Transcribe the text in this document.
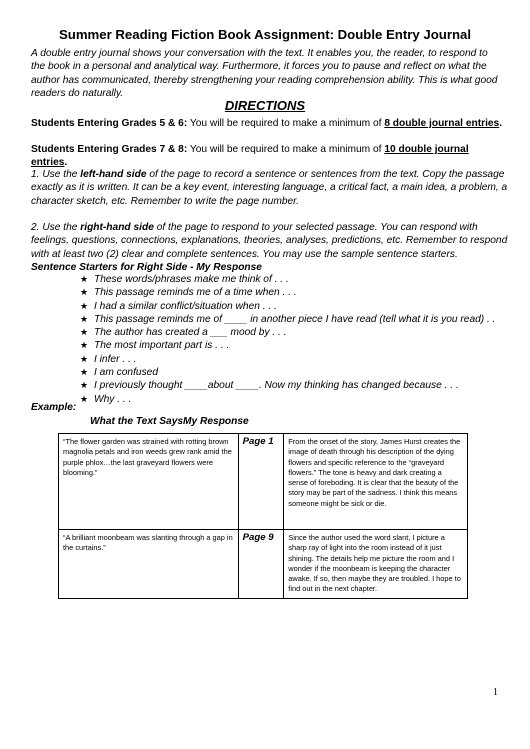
Summer Reading Fiction Book Assignment: Double Entry Journal
A double entry journal shows your conversation with the text. It enables you, the reader, to respond to the book in a personal and analytical way. Furthermore, it forces you to pause and reflect on what the author has communicated, thereby strengthening your reading comprehension ability. This is what good readers do naturally.
DIRECTIONS
Students Entering Grades 5 & 6: You will be required to make a minimum of 8 double journal entries.
Students Entering Grades 7 & 8: You will be required to make a minimum of 10 double journal entries.
1. Use the left-hand side of the page to record a sentence or sentences from the text. Copy the passage exactly as it is written. It can be a key event, interesting language, a critical fact, a main idea, a problem, a character sketch, etc. Remember to write the page number.
2. Use the right-hand side of the page to respond to your selected passage. You can respond with feelings, questions, connections, explanations, theories, analyses, predictions, etc. Remember to respond with at least two (2) clear and complete sentences. You may use the sample sentence starters.
Sentence Starters for Right Side - My Response
★ These words/phrases make me think of . . .
★ This passage reminds me of a time when . . .
★ I had a similar conflict/situation when . . .
★ This passage reminds me of ____ in another piece I have read (tell what it is you read) . .
★ The author has created a ___ mood by . . .
★ The most important part is . . .
★ I infer . . .
★ I am confused
★ I previously thought ____about ____. Now my thinking has changed because . . .
★ Why . . .
Example:
What the Text SaysMy Response
“The flower garden was strained with rotting brown magnolia petals and iron weeds grew rank amid the purple phlox…the last graveyard flowers were blooming.”	Page 1	From the onset of the story, James Hurst creates the image of death through his description of the dying flowers and specific reference to the “graveyard flowers.” The tone is heavy and dark creating a sense of foreboding. It is clear that the beauty of the story may be part of the sadness. I think this means someone might be sick or die.
“A brilliant moonbeam was slanting through a gap in the curtains.”	Page 9	Since the author used the word slant, I picture a sharp ray of light into the room instead of it just shining. The details help me picture the room and I wonder if the moonbeam is keeping the character awake. If so, then maybe they are troubled. I hope to find out in the next chapter.
1
